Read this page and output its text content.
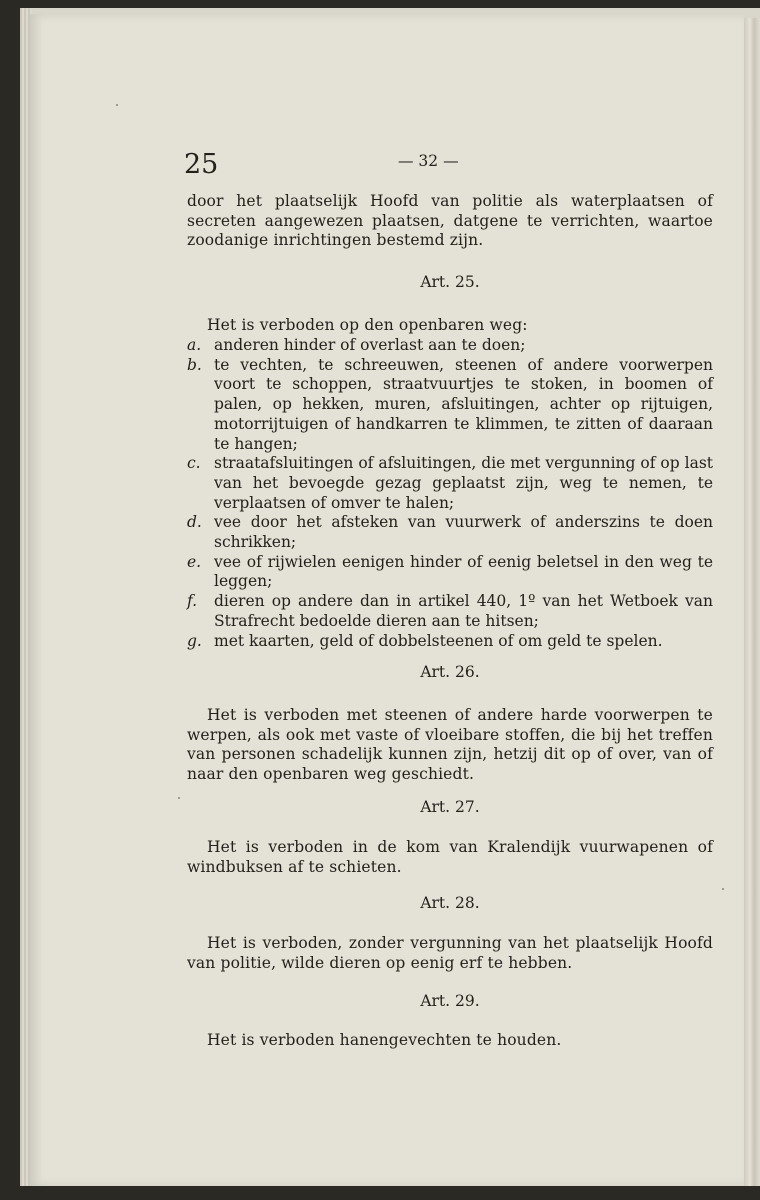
25	— 32 —
door het plaatselijk Hoofd van politie als waterplaatsen of secreten aangewezen plaatsen, datgene te verrichten, waartoe zoodanige inrichtingen bestemd zijn.
Art. 25.
Het is verboden op den openbaren weg:
a. anderen hinder of overlast aan te doen;
b. te vechten, te schreeuwen, steenen of andere voorwerpen voort te schoppen, straatvuurtjes te stoken, in boomen of palen, op hekken, muren, afsluitingen, achter op rijtuigen, motorrijtuigen of handkarren te klimmen, te zitten of daaraan te hangen;
c. straatafsluitingen of afsluitingen, die met vergunning of op last van het bevoegde gezag geplaatst zijn, weg te nemen, te verplaatsen of omver te halen;
d. vee door het afsteken van vuurwerk of anderszins te doen schrikken;
e. vee of rijwielen eenigen hinder of eenig beletsel in den weg te leggen;
f.	dieren op andere dan in artikel 440, 1º van het Wetboek van Strafrecht bedoelde dieren aan te hitsen;
g. met kaarten, geld of dobbelsteenen of om geld te spelen.
Art. 26.
Het is verboden met steenen of andere harde voorwerpen te werpen, als ook met vaste of vloeibare stoffen, die bij het treffen van personen schadelijk kunnen zijn, hetzij dit op of over, van of naar den openbaren weg geschiedt.
Art. 27.
Het is verboden in de kom van Kralendijk vuurwapenen of windbuksen af te schieten.
Art. 28.
Het is verboden, zonder vergunning van het plaatselijk Hoofd van politie, wilde dieren op eenig erf te hebben.
Art. 29.
Het is verboden hanengevechten te houden.
